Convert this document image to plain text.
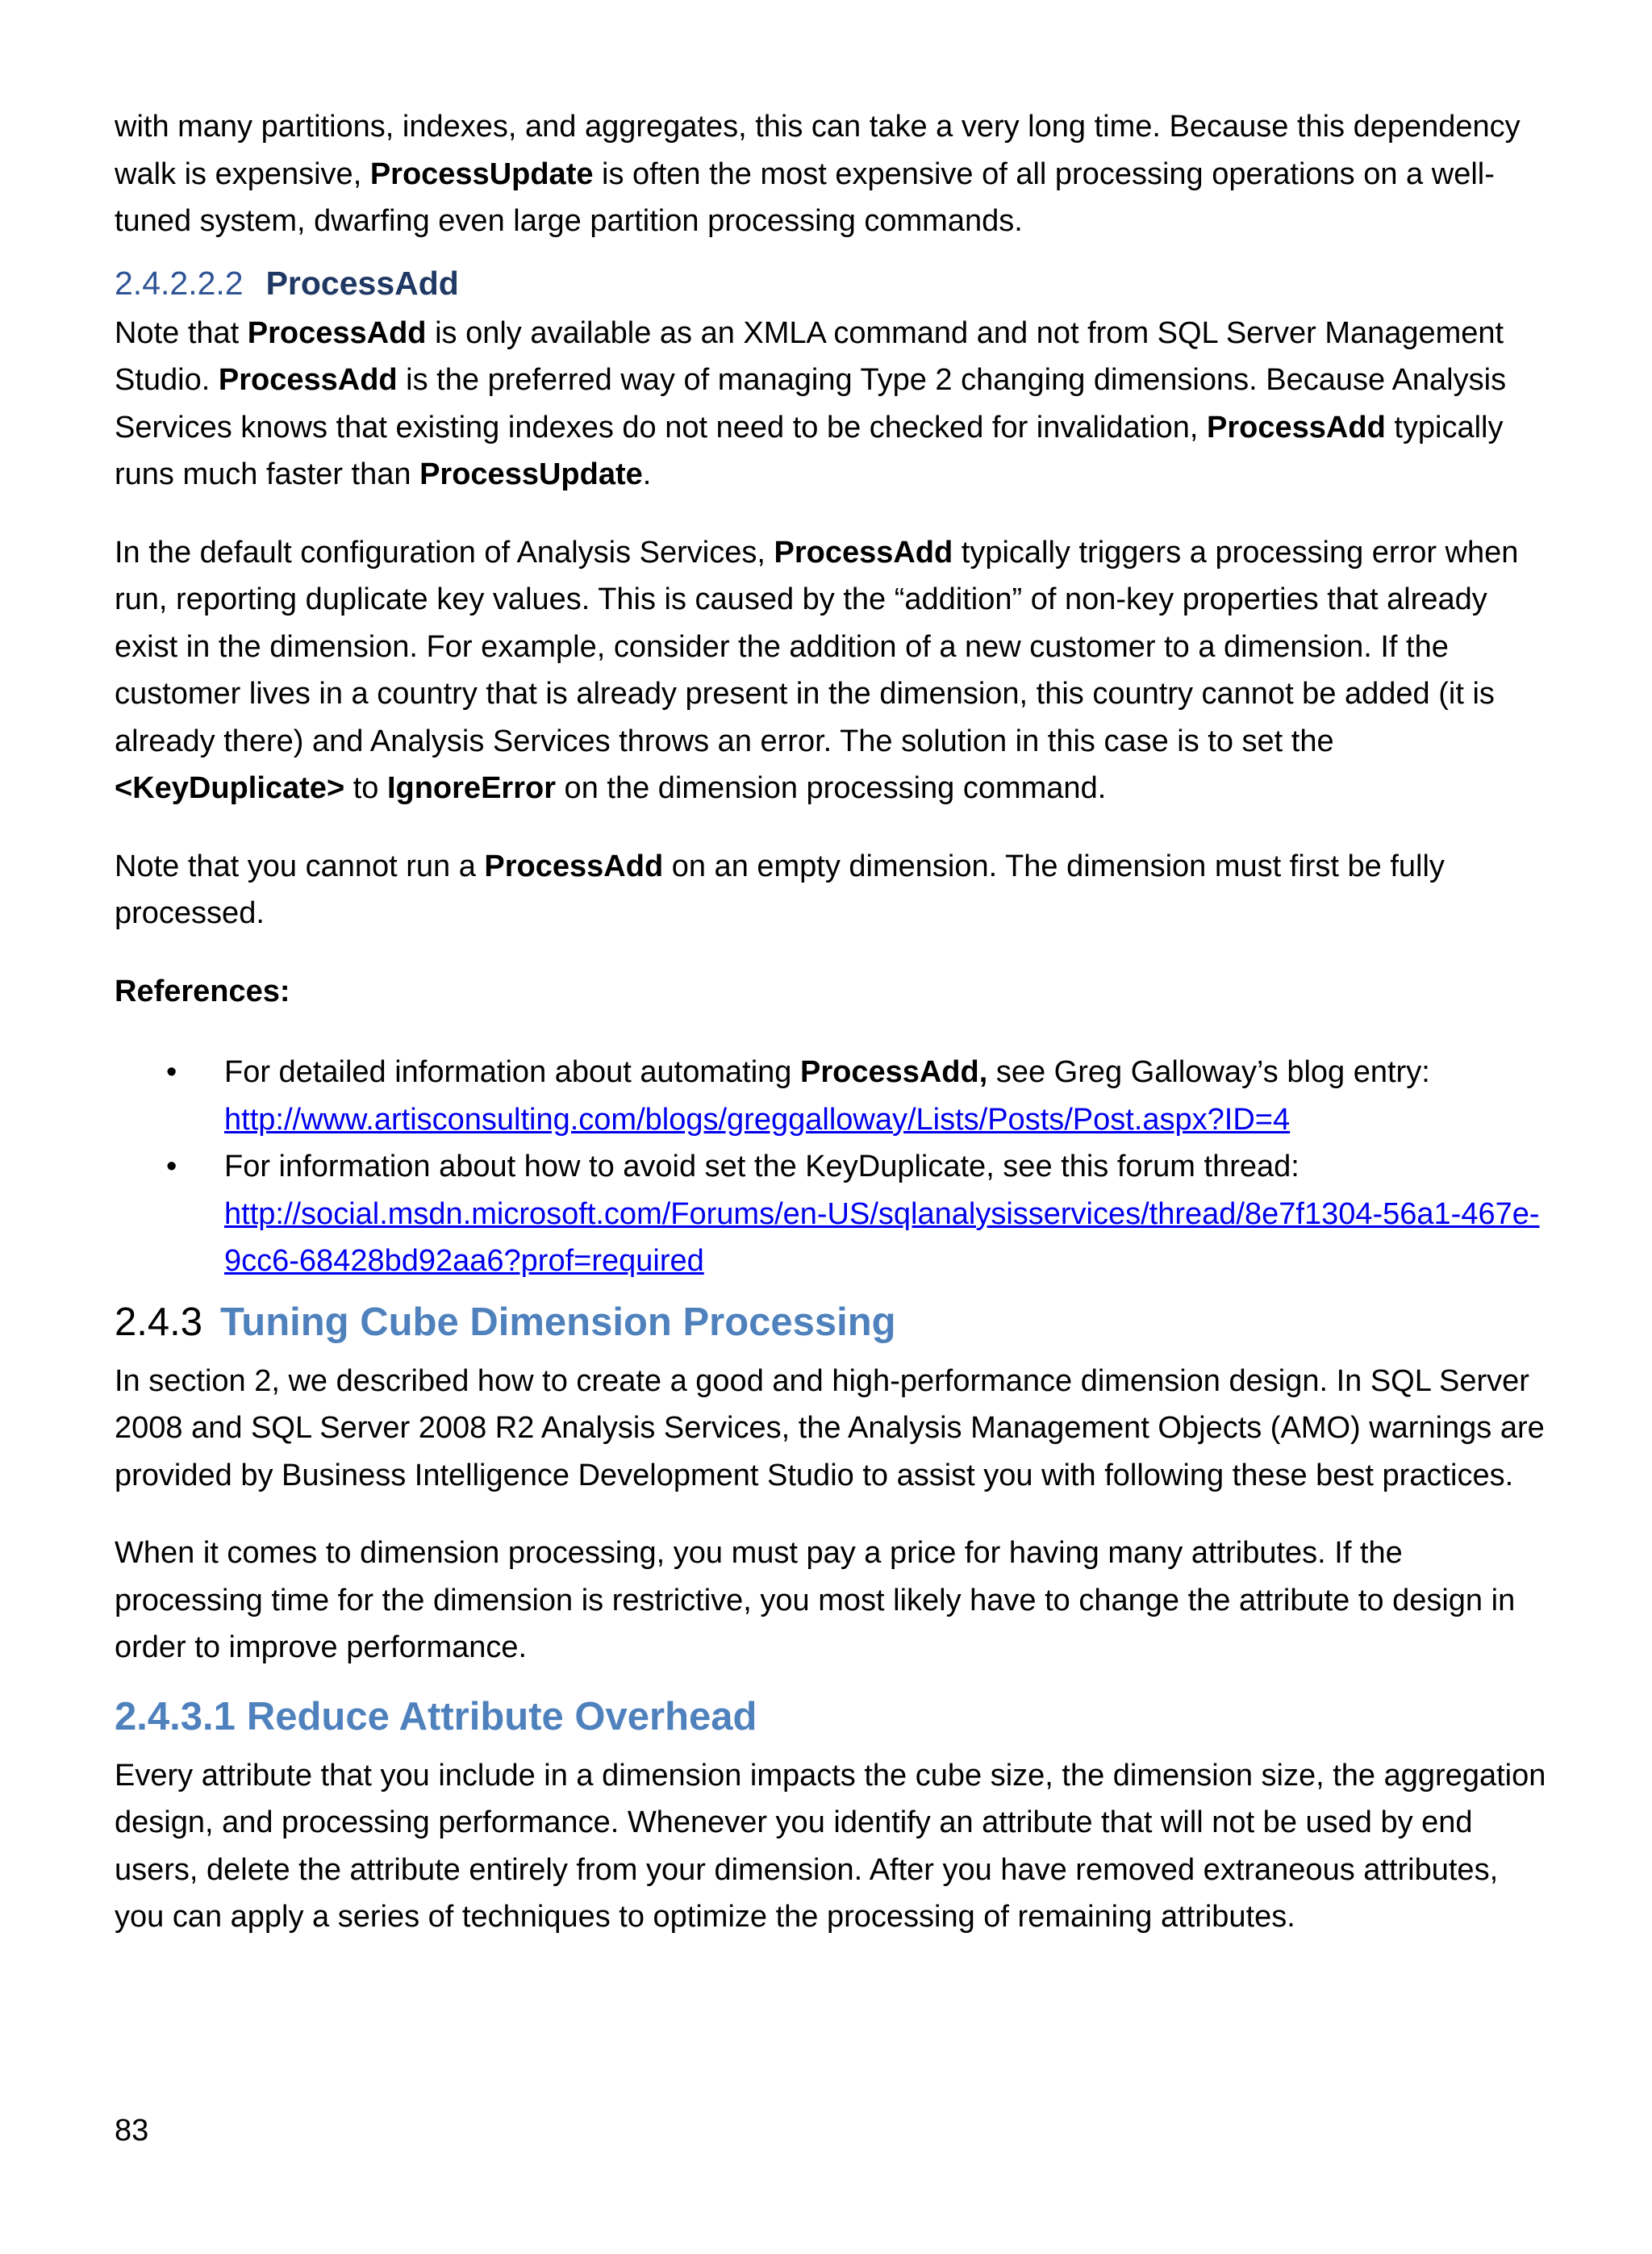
with many partitions, indexes, and aggregates, this can take a very long time. Because this dependency walk is expensive, ProcessUpdate is often the most expensive of all processing operations on a well-tuned system, dwarfing even large partition processing commands.

2.4.2.2.2 ProcessAdd

Note that ProcessAdd is only available as an XMLA command and not from SQL Server Management Studio. ProcessAdd is the preferred way of managing Type 2 changing dimensions. Because Analysis Services knows that existing indexes do not need to be checked for invalidation, ProcessAdd typically runs much faster than ProcessUpdate.

In the default configuration of Analysis Services, ProcessAdd typically triggers a processing error when run, reporting duplicate key values. This is caused by the “addition” of non-key properties that already exist in the dimension. For example, consider the addition of a new customer to a dimension. If the customer lives in a country that is already present in the dimension, this country cannot be added (it is already there) and Analysis Services throws an error. The solution in this case is to set the <KeyDuplicate> to IgnoreError on the dimension processing command.

Note that you cannot run a ProcessAdd on an empty dimension. The dimension must first be fully processed.

References:

• For detailed information about automating ProcessAdd, see Greg Galloway’s blog entry:
http://www.artisconsulting.com/blogs/greggalloway/Lists/Posts/Post.aspx?ID=4
• For information about how to avoid set the KeyDuplicate, see this forum thread:
http://social.msdn.microsoft.com/Forums/en-US/sqlanalysisservices/thread/8e7f1304-56a1-467e-9cc6-68428bd92aa6?prof=required
2.4.3 Tuning Cube Dimension Processing

In section 2, we described how to create a good and high-performance dimension design. In SQL Server 2008 and SQL Server 2008 R2 Analysis Services, the Analysis Management Objects (AMO) warnings are provided by Business Intelligence Development Studio to assist you with following these best practices.

When it comes to dimension processing, you must pay a price for having many attributes. If the processing time for the dimension is restrictive, you most likely have to change the attribute to design in order to improve performance.

2.4.3.1 Reduce Attribute Overhead

Every attribute that you include in a dimension impacts the cube size, the dimension size, the aggregation design, and processing performance. Whenever you identify an attribute that will not be used by end users, delete the attribute entirely from your dimension. After you have removed extraneous attributes, you can apply a series of techniques to optimize the processing of remaining attributes.

83
